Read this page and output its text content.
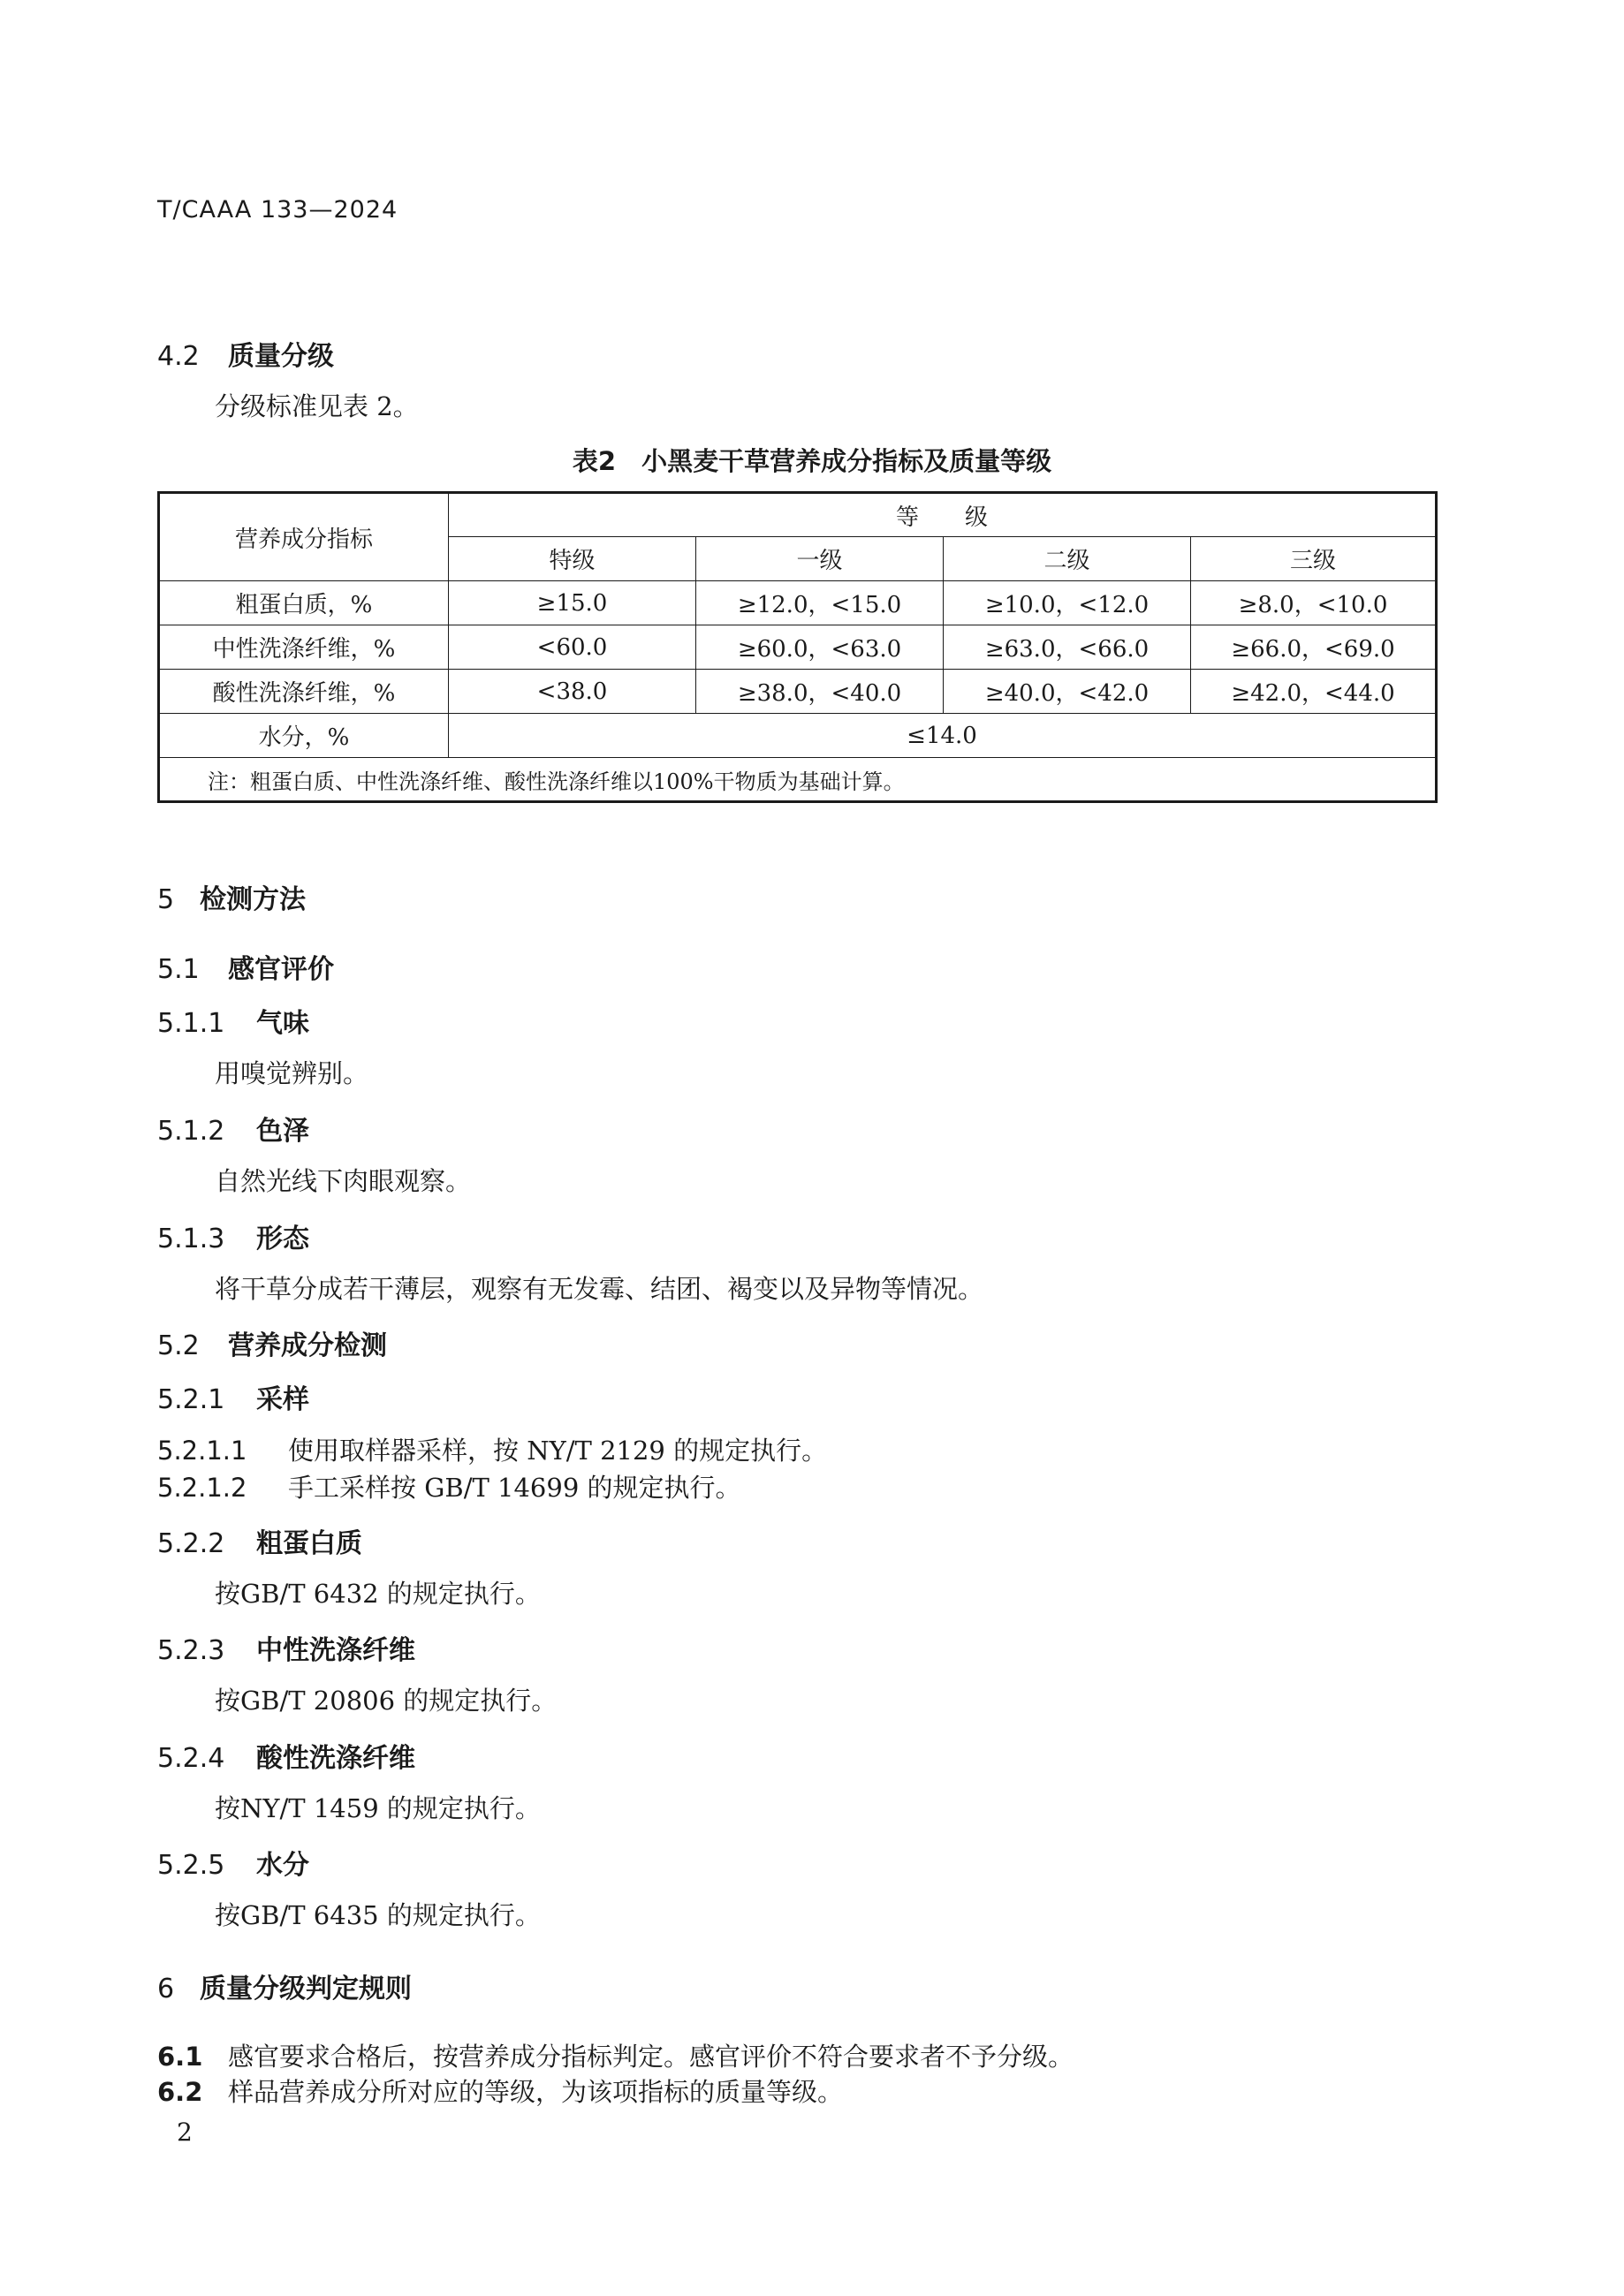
T/CAAA 133—2024
4.2 质量分级
分级标准见表 2。
表2　小黑麦干草营养成分指标及质量等级
营养成分指标	等　　级			
	特级	一级	二级	三级
粗蛋白质，%	≥15.0	≥12.0，<15.0	≥10.0，<12.0	≥8.0，<10.0
中性洗涤纤维，%	<60.0	≥60.0，<63.0	≥63.0，<66.0	≥66.0，<69.0
酸性洗涤纤维，%	<38.0	≥38.0，<40.0	≥40.0，<42.0	≥42.0，<44.0
水分，%	≤14.0			
注：粗蛋白质、中性洗涤纤维、酸性洗涤纤维以100%干物质为基础计算。				
5 检测方法
5.1 感官评价
5.1.1 气味
用嗅觉辨别。
5.1.2 色泽
自然光线下肉眼观察。
5.1.3 形态
将干草分成若干薄层，观察有无发霉、结团、褐变以及异物等情况。
5.2 营养成分检测
5.2.1 采样
5.2.1.1 使用取样器采样，按 NY/T 2129 的规定执行。
5.2.1.2 手工采样按 GB/T 14699 的规定执行。
5.2.2 粗蛋白质
按GB/T 6432 的规定执行。
5.2.3 中性洗涤纤维
按GB/T 20806 的规定执行。
5.2.4 酸性洗涤纤维
按NY/T 1459 的规定执行。
5.2.5 水分
按GB/T 6435 的规定执行。
6 质量分级判定规则
6.1 感官要求合格后，按营养成分指标判定。感官评价不符合要求者不予分级。
6.2 样品营养成分所对应的等级，为该项指标的质量等级。
2
